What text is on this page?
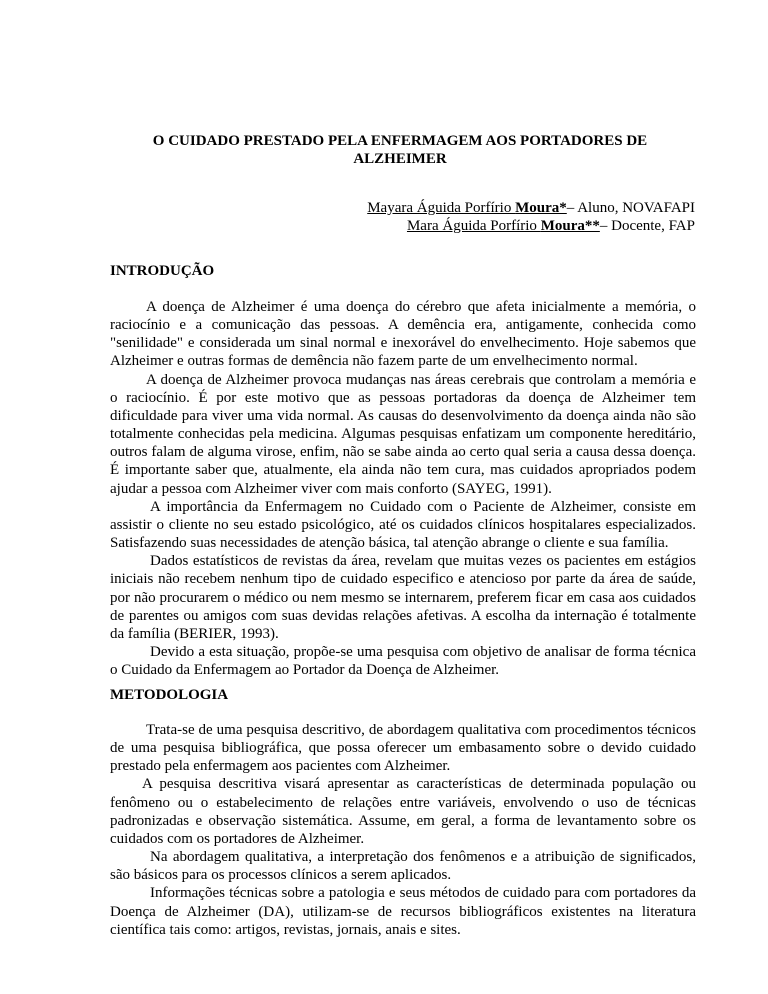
O CUIDADO PRESTADO PELA ENFERMAGEM AOS PORTADORES DE
ALZHEIMER
Mayara Águida Porfírio Moura*– Aluno, NOVAFAPI
Mara Águida Porfírio Moura**– Docente, FAP
INTRODUÇÃO

A doença de Alzheimer é uma doença do cérebro que afeta inicialmente a memória, o raciocínio e a comunicação das pessoas. A demência era, antigamente, conhecida como "senilidade" e considerada um sinal normal e inexorável do envelhecimento. Hoje sabemos que Alzheimer e outras formas de demência não fazem parte de um envelhecimento normal.

A doença de Alzheimer provoca mudanças nas áreas cerebrais que controlam a memória e o raciocínio. É por este motivo que as pessoas portadoras da doença de Alzheimer tem dificuldade para viver uma vida normal. As causas do desenvolvimento da doença ainda não são totalmente conhecidas pela medicina. Algumas pesquisas enfatizam um componente hereditário, outros falam de alguma virose, enfim, não se sabe ainda ao certo qual seria a causa dessa doença. É importante saber que, atualmente, ela ainda não tem cura, mas cuidados apropriados podem ajudar a pessoa com Alzheimer viver com mais conforto (SAYEG, 1991).

A importância da Enfermagem no Cuidado com o Paciente de Alzheimer, consiste em assistir o cliente no seu estado psicológico, até os cuidados clínicos hospitalares especializados. Satisfazendo suas necessidades de atenção básica, tal atenção abrange o cliente e sua família.

Dados estatísticos de revistas da área, revelam que muitas vezes os pacientes em estágios iniciais não recebem nenhum tipo de cuidado especifico e atencioso por parte da área de saúde, por não procurarem o médico ou nem mesmo se internarem, preferem ficar em casa aos cuidados de parentes ou amigos com suas devidas relações afetivas. A escolha da internação é totalmente da família (BERIER, 1993).

Devido a esta situação, propõe-se uma pesquisa com objetivo de analisar de forma técnica o Cuidado da Enfermagem ao Portador da Doença de Alzheimer.

METODOLOGIA

Trata-se de uma pesquisa descritivo, de abordagem qualitativa com procedimentos técnicos de uma pesquisa bibliográfica, que possa oferecer um embasamento sobre o devido cuidado prestado pela enfermagem aos pacientes com Alzheimer.

A pesquisa descritiva visará apresentar as características de determinada população ou fenômeno ou o estabelecimento de relações entre variáveis, envolvendo o uso de técnicas padronizadas e observação sistemática. Assume, em geral, a forma de levantamento sobre os cuidados com os portadores de Alzheimer.

Na abordagem qualitativa, a interpretação dos fenômenos e a atribuição de significados, são básicos para os processos clínicos a serem aplicados.

Informações técnicas sobre a patologia e seus métodos de cuidado para com portadores da Doença de Alzheimer (DA), utilizam-se de recursos bibliográficos existentes na literatura científica tais como: artigos, revistas, jornais, anais e sites.
